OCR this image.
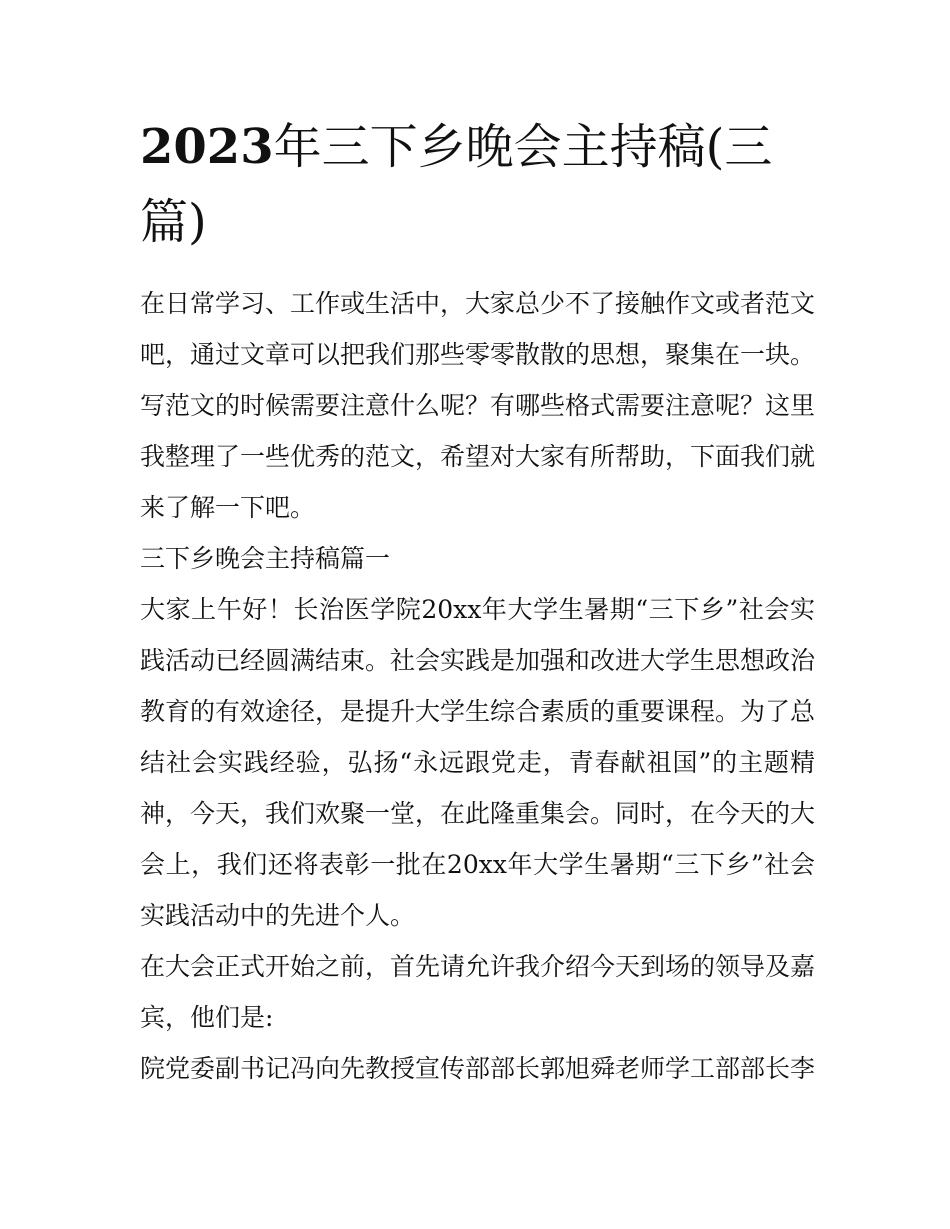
2023年三下乡晚会主持稿(三篇)

在日常学习、工作或生活中，大家总少不了接触作文或者范文吧，通过文章可以把我们那些零零散散的思想，聚集在一块。写范文的时候需要注意什么呢？有哪些格式需要注意呢？这里我整理了一些优秀的范文，希望对大家有所帮助，下面我们就来了解一下吧。

三下乡晚会主持稿篇一

大家上午好！长治医学院20xx年大学生暑期“三下乡”社会实践活动已经圆满结束。社会实践是加强和改进大学生思想政治教育的有效途径，是提升大学生综合素质的重要课程。为了总结社会实践经验，弘扬“永远跟党走，青春献祖国”的主题精神，今天，我们欢聚一堂，在此隆重集会。同时，在今天的大会上，我们还将表彰一批在20xx年大学生暑期“三下乡”社会实践活动中的先进个人。

在大会正式开始之前，首先请允许我介绍今天到场的领导及嘉宾，他们是:

院党委副书记冯向先教授宣传部部长郭旭舜老师学工部部长李
